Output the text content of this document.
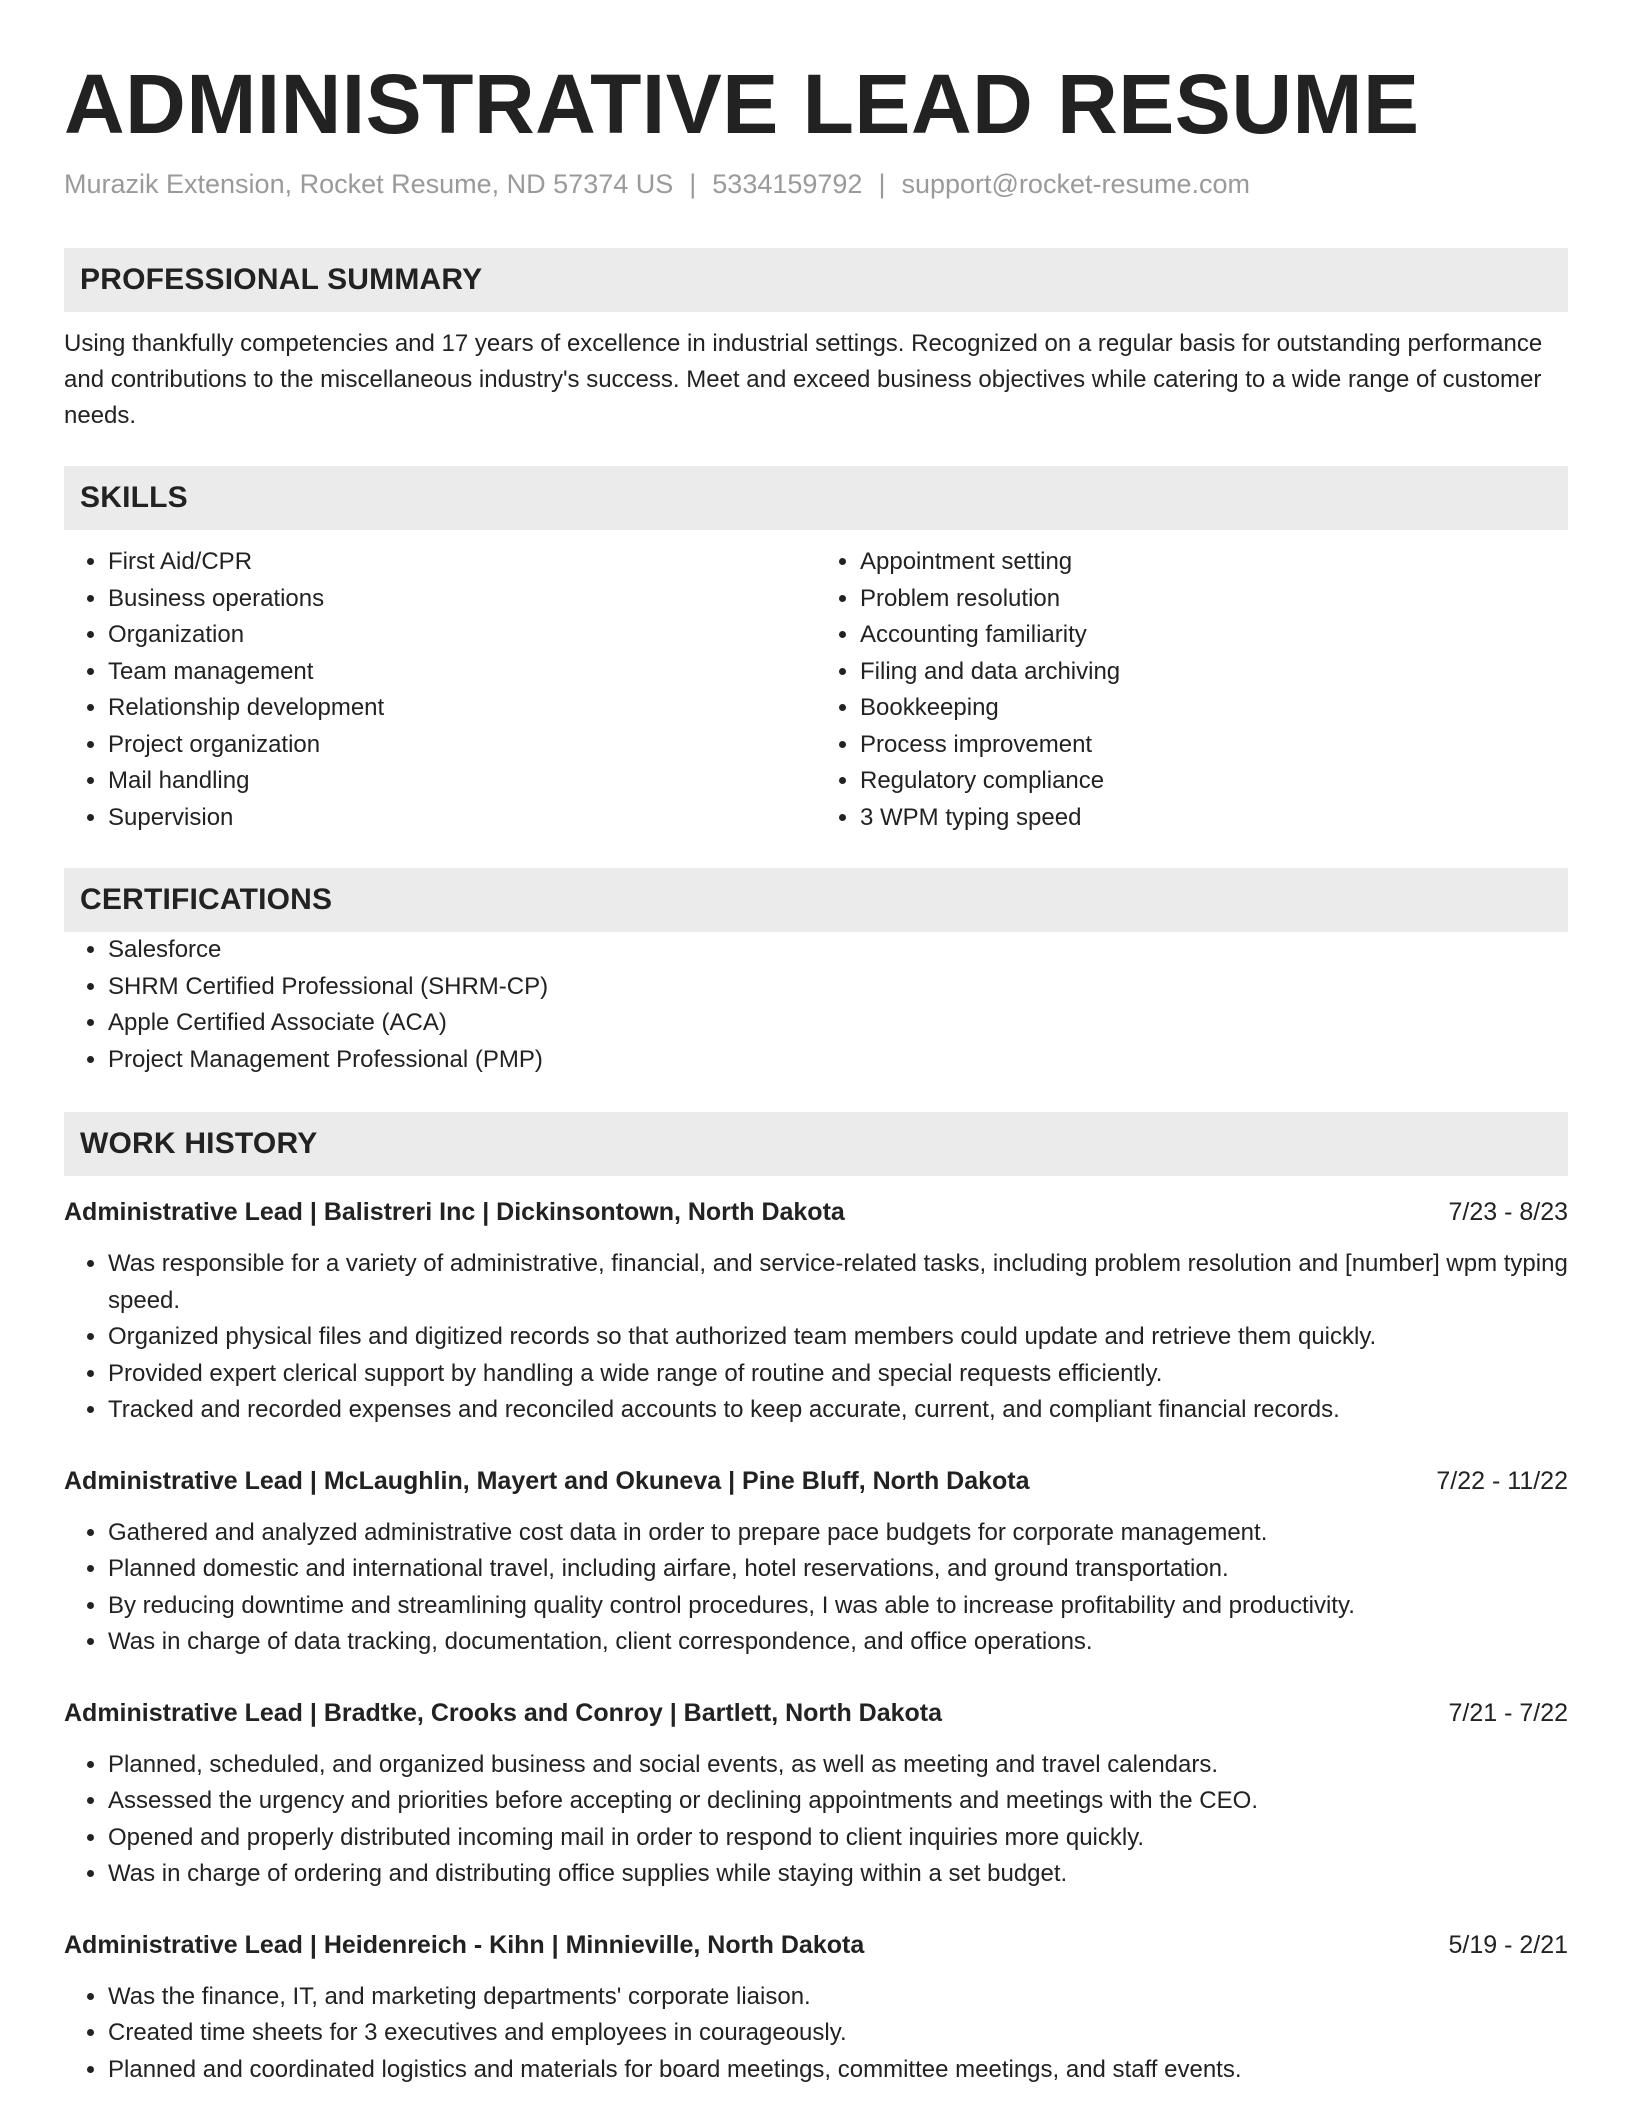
ADMINISTRATIVE LEAD RESUME
Murazik Extension, Rocket Resume, ND 57374 US | 5334159792 | support@rocket-resume.com
PROFESSIONAL SUMMARY

Using thankfully competencies and 17 years of excellence in industrial settings. Recognized on a regular basis for outstanding performance and contributions to the miscellaneous industry's success. Meet and exceed business objectives while catering to a wide range of customer needs.

SKILLS
• First Aid/CPR
• Business operations
• Organization
• Team management
• Relationship development
• Project organization
• Mail handling
• Supervision
• Appointment setting
• Problem resolution
• Accounting familiarity
• Filing and data archiving
• Bookkeeping
• Process improvement
• Regulatory compliance
• 3 WPM typing speed
CERTIFICATIONS
• Salesforce
• SHRM Certified Professional (SHRM-CP)
• Apple Certified Associate (ACA)
• Project Management Professional (PMP)
WORK HISTORY
Administrative Lead | Balistreri Inc | Dickinsontown, North Dakota	7/23 - 8/23
• Was responsible for a variety of administrative, financial, and service-related tasks, including problem resolution and [number] wpm typing speed.
• Organized physical files and digitized records so that authorized team members could update and retrieve them quickly.
• Provided expert clerical support by handling a wide range of routine and special requests efficiently.
• Tracked and recorded expenses and reconciled accounts to keep accurate, current, and compliant financial records.
Administrative Lead | McLaughlin, Mayert and Okuneva | Pine Bluff, North Dakota	7/22 - 11/22
• Gathered and analyzed administrative cost data in order to prepare pace budgets for corporate management.
• Planned domestic and international travel, including airfare, hotel reservations, and ground transportation.
• By reducing downtime and streamlining quality control procedures, I was able to increase profitability and productivity.
• Was in charge of data tracking, documentation, client correspondence, and office operations.
Administrative Lead | Bradtke, Crooks and Conroy | Bartlett, North Dakota	7/21 - 7/22
• Planned, scheduled, and organized business and social events, as well as meeting and travel calendars.
• Assessed the urgency and priorities before accepting or declining appointments and meetings with the CEO.
• Opened and properly distributed incoming mail in order to respond to client inquiries more quickly.
• Was in charge of ordering and distributing office supplies while staying within a set budget.
Administrative Lead | Heidenreich - Kihn | Minnieville, North Dakota	5/19 - 2/21
• Was the finance, IT, and marketing departments' corporate liaison.
• Created time sheets for 3 executives and employees in courageously.
• Planned and coordinated logistics and materials for board meetings, committee meetings, and staff events.
